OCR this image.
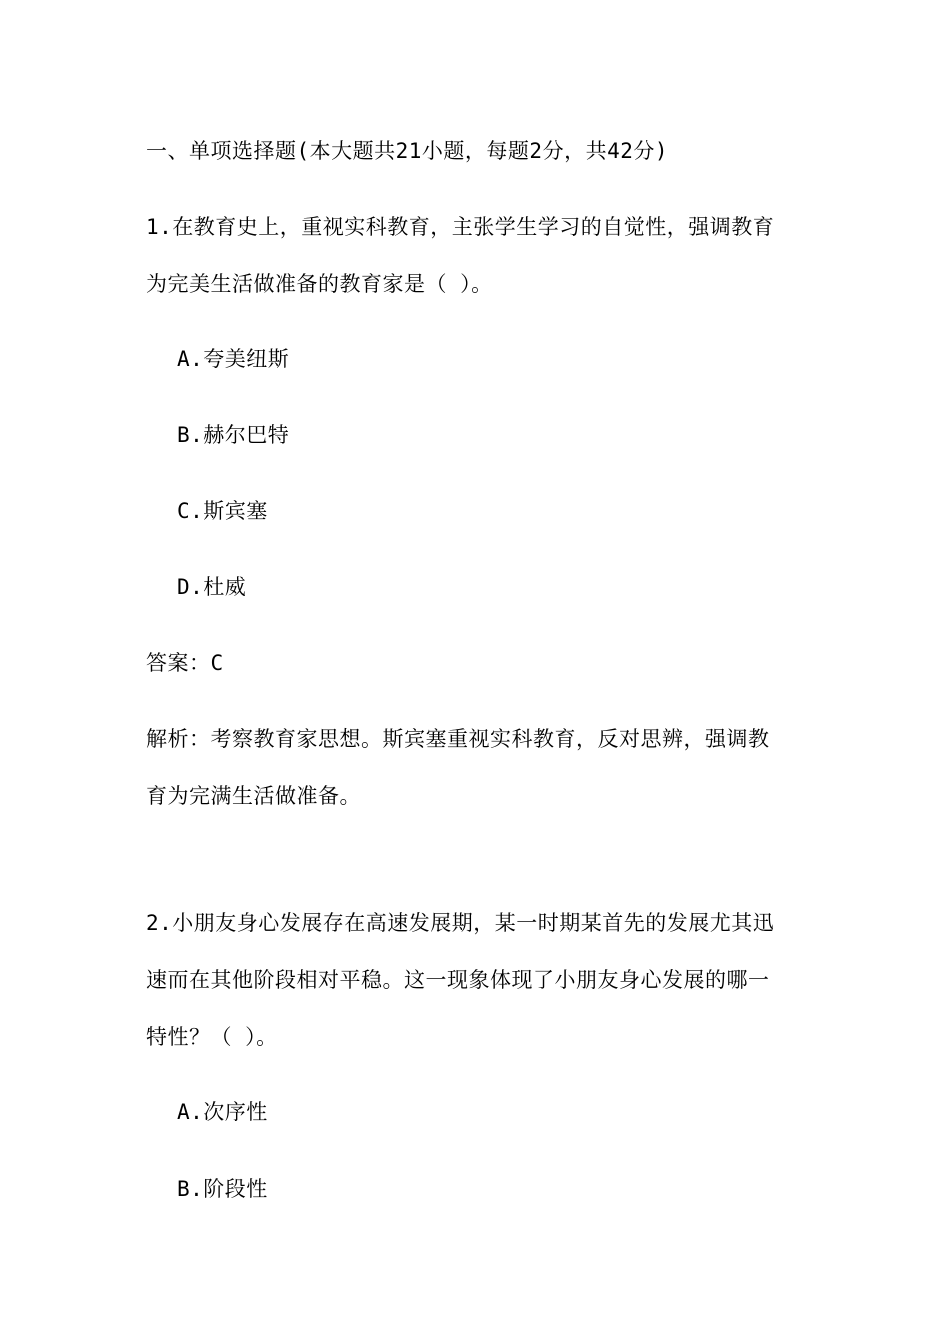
一、单项选择题(本大题共21小题，每题2分，共42分)
1.在教育史上，重视实科教育，主张学生学习的自觉性，强调教育
为完美生活做准备的教育家是（ ）。
A.夸美纽斯
B.赫尔巴特
C.斯宾塞
D.杜威
答案：C
解析：考察教育家思想。斯宾塞重视实科教育，反对思辨，强调教
育为完满生活做准备。
2.小朋友身心发展存在高速发展期，某一时期某首先的发展尤其迅
速而在其他阶段相对平稳。这一现象体现了小朋友身心发展的哪一
特性？（ ）。
A.次序性
B.阶段性
